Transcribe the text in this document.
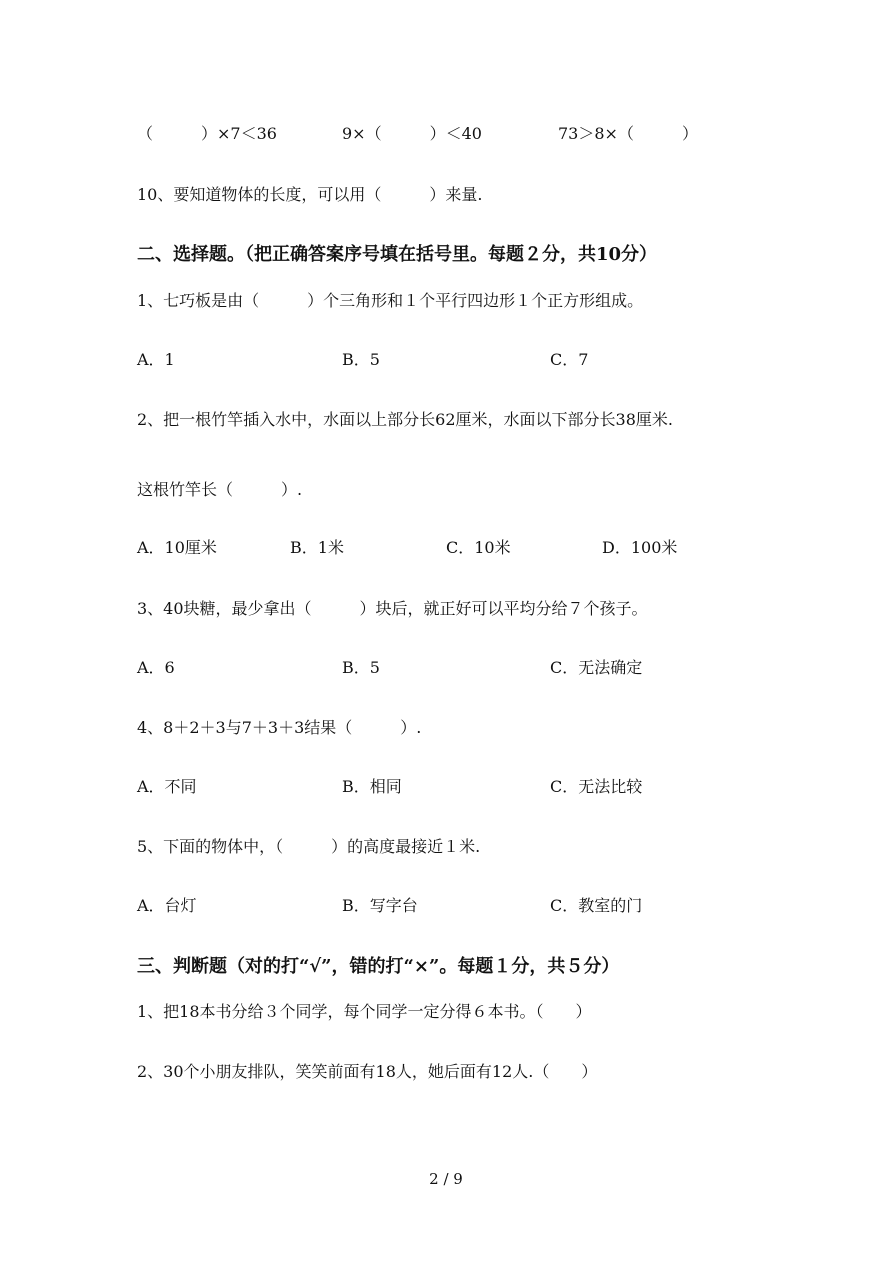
（　　　）×7＜36	9×（　　　）＜40	73＞8×（　　　）
10、要知道物体的长度，可以用（　　　）来量.
二、选择题。（把正确答案序号填在括号里。每题２分，共10分）
1、七巧板是由（　　　）个三角形和１个平行四边形１个正方形组成。
A．1	B．5	C．7
2、把一根竹竿插入水中，水面以上部分长62厘米，水面以下部分长38厘米.
这根竹竿长（　　　）.
A．10厘米	B．1米	C．10米	D．100米
3、40块糖，最少拿出（　　　）块后，就正好可以平均分给７个孩子。
A．6	B．5	C．无法确定
4、8＋2＋3与7＋3＋3结果（　　　）.
A．不同	B．相同	C．无法比较
5、下面的物体中，（　　　）的高度最接近１米.
A．台灯	B．写字台	C．教室的门
三、判断题（对的打“√”，错的打“×”。每题１分，共５分）
1、把18本书分给３个同学，每个同学一定分得６本书。（　　）
2、30个小朋友排队，笑笑前面有18人，她后面有12人.（　　）
2 / 9
